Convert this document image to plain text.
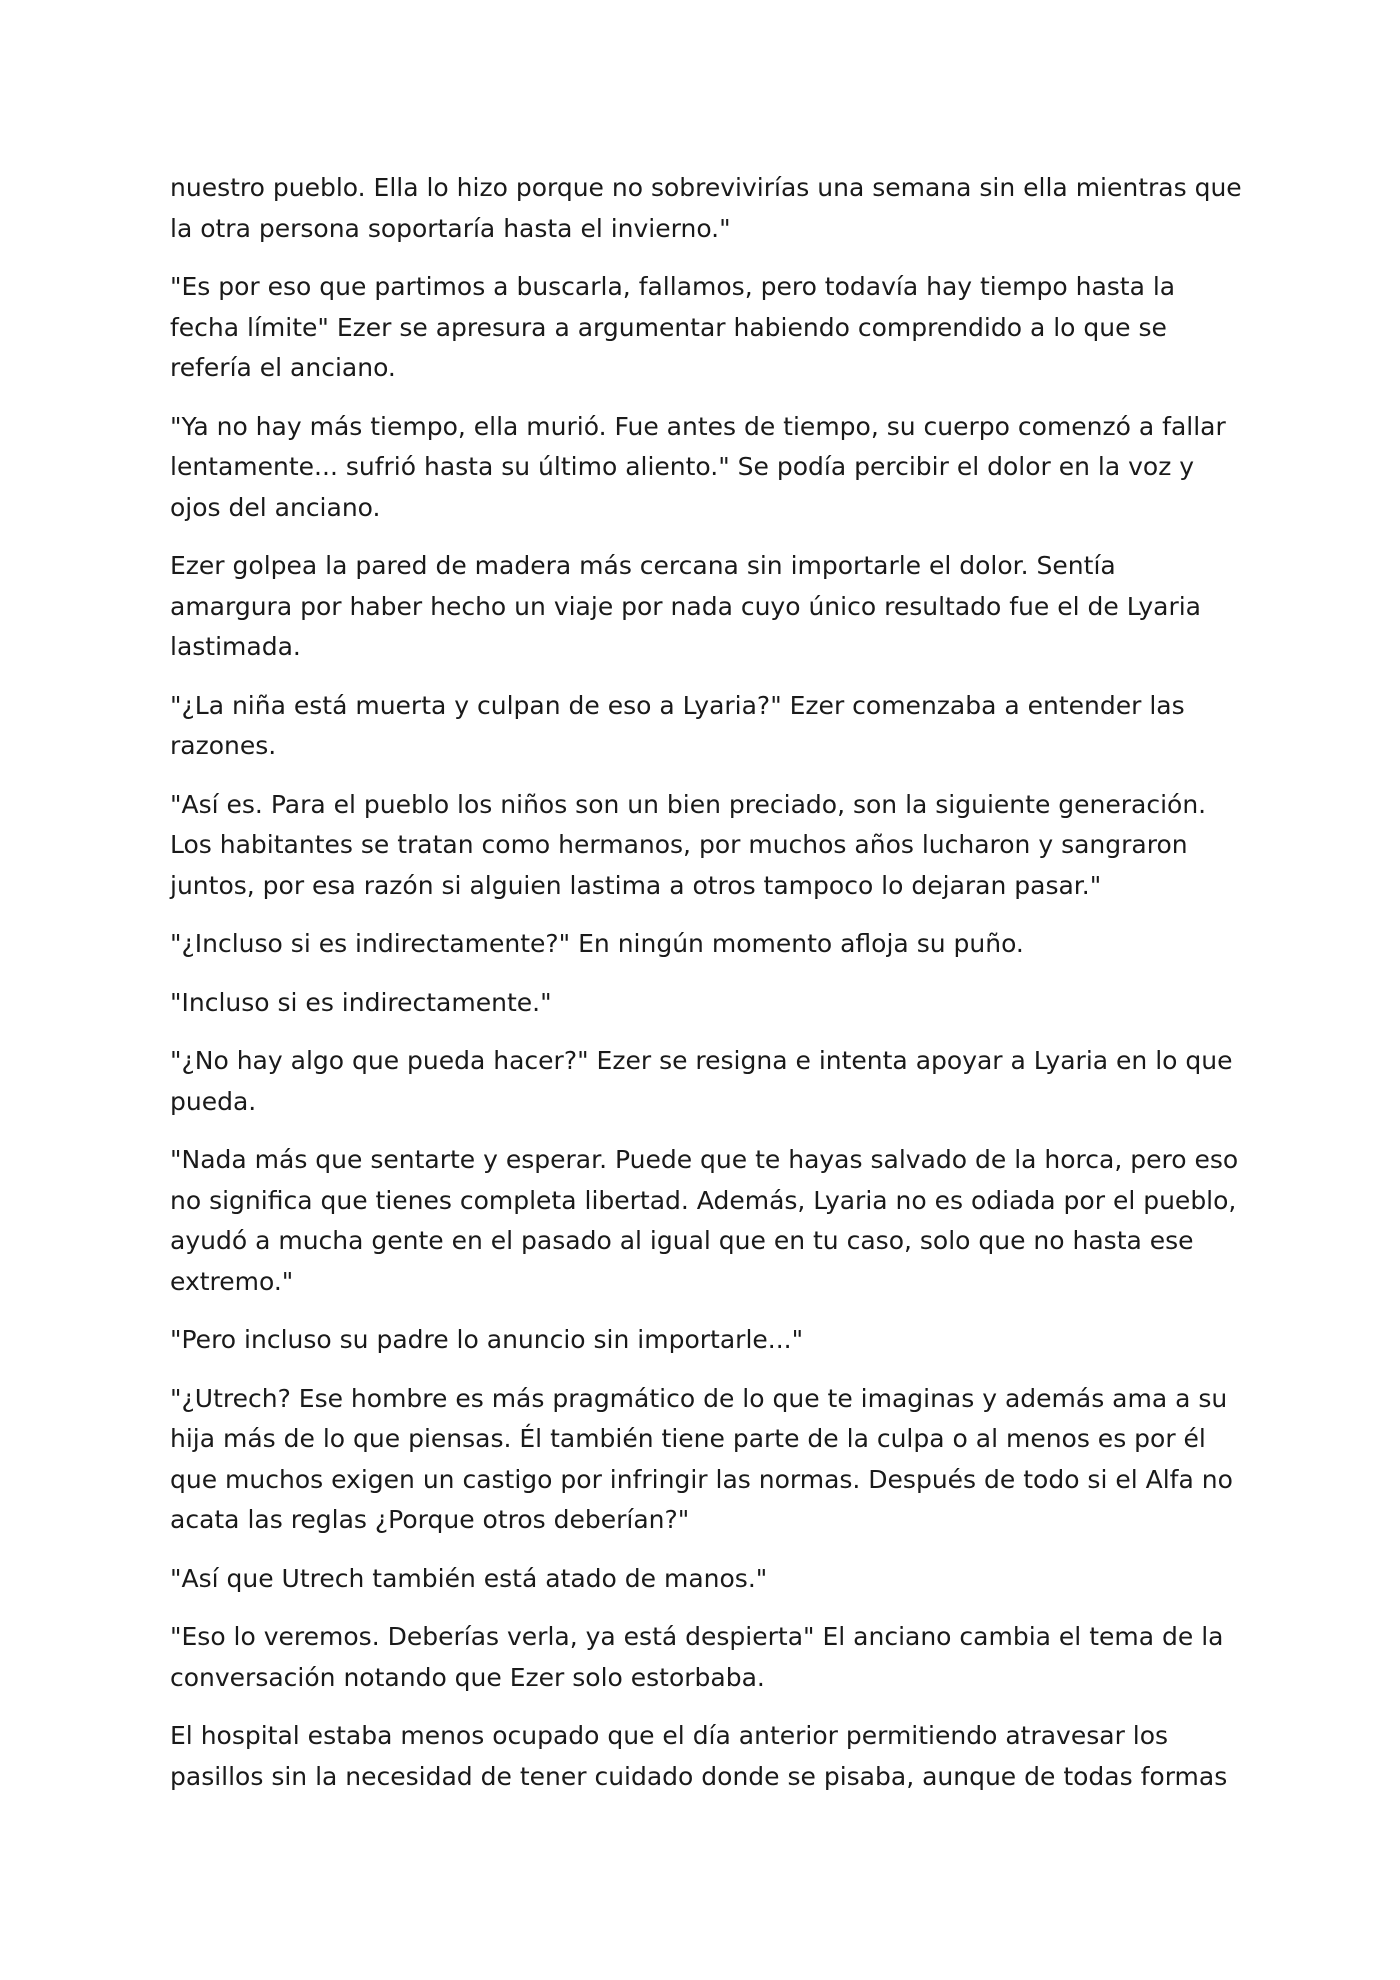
nuestro pueblo. Ella lo hizo porque no sobrevivirías una semana sin ella mientras que la otra persona soportaría hasta el invierno."

"Es por eso que partimos a buscarla, fallamos, pero todavía hay tiempo hasta la fecha límite" Ezer se apresura a argumentar habiendo comprendido a lo que se refería el anciano.

"Ya no hay más tiempo, ella murió. Fue antes de tiempo, su cuerpo comenzó a fallar lentamente... sufrió hasta su último aliento." Se podía percibir el dolor en la voz y ojos del anciano.

Ezer golpea la pared de madera más cercana sin importarle el dolor. Sentía amargura por haber hecho un viaje por nada cuyo único resultado fue el de Lyaria lastimada.

"¿La niña está muerta y culpan de eso a Lyaria?" Ezer comenzaba a entender las razones.

"Así es. Para el pueblo los niños son un bien preciado, son la siguiente generación. Los habitantes se tratan como hermanos, por muchos años lucharon y sangraron juntos, por esa razón si alguien lastima a otros tampoco lo dejaran pasar."

"¿Incluso si es indirectamente?" En ningún momento afloja su puño.

"Incluso si es indirectamente."

"¿No hay algo que pueda hacer?" Ezer se resigna e intenta apoyar a Lyaria en lo que pueda.

"Nada más que sentarte y esperar. Puede que te hayas salvado de la horca, pero eso no significa que tienes completa libertad. Además, Lyaria no es odiada por el pueblo, ayudó a mucha gente en el pasado al igual que en tu caso, solo que no hasta ese extremo."

"Pero incluso su padre lo anuncio sin importarle..."

"¿Utrech? Ese hombre es más pragmático de lo que te imaginas y además ama a su hija más de lo que piensas. Él también tiene parte de la culpa o al menos es por él que muchos exigen un castigo por infringir las normas. Después de todo si el Alfa no acata las reglas ¿Porque otros deberían?"

"Así que Utrech también está atado de manos."

"Eso lo veremos. Deberías verla, ya está despierta" El anciano cambia el tema de la conversación notando que Ezer solo estorbaba.

El hospital estaba menos ocupado que el día anterior permitiendo atravesar los pasillos sin la necesidad de tener cuidado donde se pisaba, aunque de todas formas
